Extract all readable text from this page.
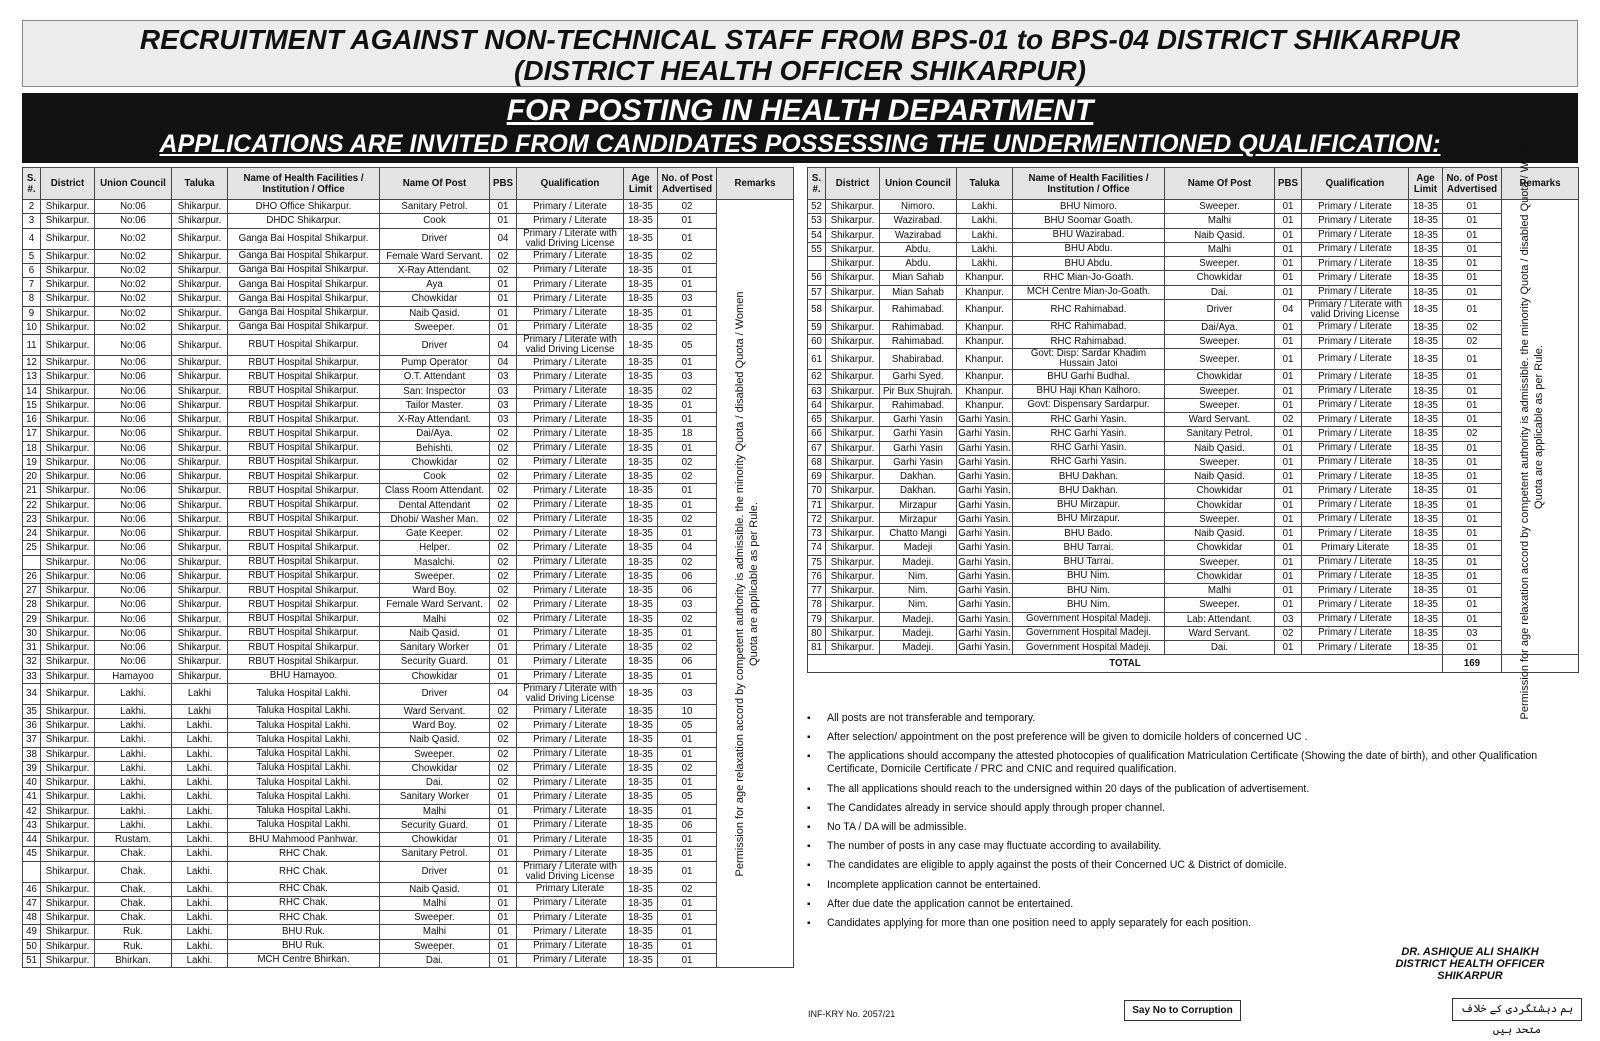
RECRUITMENT AGAINST NON-TECHNICAL STAFF FROM BPS-01 to BPS-04 DISTRICT SHIKARPUR
(DISTRICT HEALTH OFFICER SHIKARPUR)
FOR POSTING IN HEALTH DEPARTMENT
APPLICATIONS ARE INVITED FROM CANDIDATES POSSESSING THE UNDERMENTIONED QUALIFICATION:
S. #.	District	Union Council	Taluka	Name of Health Facilities / Institution / Office	Name Of Post	PBS	Qualification	Age Limit	No. of Post Advertised	Remarks
2	Shikarpur.	No:06	Shikarpur.	DHO Office Shikarpur.	Sanitary Petrol.	01	Primary / Literate	18-35	02	Permission for age relaxation accord by competent authority is admissible. the minority Quota / disabled Quota / Women Quota are applicable as per Rule.

3	Shikarpur.	No:06	Shikarpur.	DHDC Shikarpur.	Cook	01	Primary / Literate	18-35	01	
4	Shikarpur.	No:02	Shikarpur.	Ganga Bai Hospital Shikarpur.	Driver	04	Primary / Literate with valid Driving License	18-35	01	
5	Shikarpur.	No:02	Shikarpur.	Ganga Bai Hospital Shikarpur.	Female Ward Servant.	02	Primary / Literate	18-35	02	
6	Shikarpur.	No:02	Shikarpur.	Ganga Bai Hospital Shikarpur.	X-Ray Attendant.	02	Primary / Literate	18-35	01	
7	Shikarpur.	No:02	Shikarpur.	Ganga Bai Hospital Shikarpur.	Aya	01	Primary / Literate	18-35	01	
8	Shikarpur.	No:02	Shikarpur.	Ganga Bai Hospital Shikarpur.	Chowkidar	01	Primary / Literate	18-35	03	
9	Shikarpur.	No:02	Shikarpur.	Ganga Bai Hospital Shikarpur.	Naib Qasid.	01	Primary / Literate	18-35	01	
10	Shikarpur.	No:02	Shikarpur.	Ganga Bai Hospital Shikarpur.	Sweeper.	01	Primary / Literate	18-35	02	
11	Shikarpur.	No:06	Shikarpur.	RBUT Hospital Shikarpur.	Driver	04	Primary / Literate with valid Driving License	18-35	05	
12	Shikarpur.	No:06	Shikarpur.	RBUT Hospital Shikarpur.	Pump Operator	04	Primary / Literate	18-35	01	
13	Shikarpur.	No:06	Shikarpur.	RBUT Hospital Shikarpur.	O.T. Attendant	03	Primary / Literate	18-35	03	
14	Shikarpur.	No:06	Shikarpur.	RBUT Hospital Shikarpur.	San: Inspector	03	Primary / Literate	18-35	02	
15	Shikarpur.	No:06	Shikarpur.	RBUT Hospital Shikarpur.	Tailor Master.	03	Primary / Literate	18-35	01	
16	Shikarpur.	No:06	Shikarpur.	RBUT Hospital Shikarpur.	X-Ray Attendant.	03	Primary / Literate	18-35	01	
17	Shikarpur.	No:06	Shikarpur.	RBUT Hospital Shikarpur.	Dai/Aya.	02	Primary / Literate	18-35	18	
18	Shikarpur.	No:06	Shikarpur.	RBUT Hospital Shikarpur.	Behishti.	02	Primary / Literate	18-35	01	
19	Shikarpur.	No:06	Shikarpur.	RBUT Hospital Shikarpur.	Chowkidar	02	Primary / Literate	18-35	02	
20	Shikarpur.	No:06	Shikarpur.	RBUT Hospital Shikarpur.	Cook	02	Primary / Literate	18-35	02	
21	Shikarpur.	No:06	Shikarpur.	RBUT Hospital Shikarpur.	Class Room Attendant.	02	Primary / Literate	18-35	01	
22	Shikarpur.	No:06	Shikarpur.	RBUT Hospital Shikarpur.	Dental Attendant	02	Primary / Literate	18-35	01	
23	Shikarpur.	No:06	Shikarpur.	RBUT Hospital Shikarpur.	Dhobi/ Washer Man.	02	Primary / Literate	18-35	02	
24	Shikarpur.	No:06	Shikarpur.	RBUT Hospital Shikarpur.	Gate Keeper.	02	Primary / Literate	18-35	01	
25	Shikarpur.	No:06	Shikarpur.	RBUT Hospital Shikarpur.	Helper.	02	Primary / Literate	18-35	04	
	Shikarpur.	No:06	Shikarpur.	RBUT Hospital Shikarpur.	Masalchi.	02	Primary / Literate	18-35	02	
26	Shikarpur.	No:06	Shikarpur.	RBUT Hospital Shikarpur.	Sweeper.	02	Primary / Literate	18-35	06	
27	Shikarpur.	No:06	Shikarpur.	RBUT Hospital Shikarpur.	Ward Boy.	02	Primary / Literate	18-35	06	
28	Shikarpur.	No:06	Shikarpur.	RBUT Hospital Shikarpur.	Female Ward Servant.	02	Primary / Literate	18-35	03	
29	Shikarpur.	No:06	Shikarpur.	RBUT Hospital Shikarpur.	Malhi	02	Primary / Literate	18-35	02	
30	Shikarpur.	No:06	Shikarpur.	RBUT Hospital Shikarpur.	Naib Qasid.	01	Primary / Literate	18-35	01	
31	Shikarpur.	No:06	Shikarpur.	RBUT Hospital Shikarpur.	Sanitary Worker	01	Primary / Literate	18-35	02	
32	Shikarpur.	No:06	Shikarpur.	RBUT Hospital Shikarpur.	Security Guard.	01	Primary / Literate	18-35	06	
33	Shikarpur.	Hamayoo	Shikarpur.	BHU Hamayoo.	Chowkidar	01	Primary / Literate	18-35	01	
34	Shikarpur.	Lakhi.	Lakhi	Taluka Hospital Lakhi.	Driver	04	Primary / Literate with valid Driving License	18-35	03	
35	Shikarpur.	Lakhi.	Lakhi	Taluka Hospital Lakhi.	Ward Servant.	02	Primary / Literate	18-35	10	
36	Shikarpur.	Lakhi.	Lakhi.	Taluka Hospital Lakhi.	Ward Boy.	02	Primary / Literate	18-35	05	
37	Shikarpur.	Lakhi.	Lakhi.	Taluka Hospital Lakhi.	Naib Qasid.	02	Primary / Literate	18-35	01	
38	Shikarpur.	Lakhi.	Lakhi.	Taluka Hospital Lakhi.	Sweeper.	02	Primary / Literate	18-35	01	
39	Shikarpur.	Lakhi.	Lakhi.	Taluka Hospital Lakhi.	Chowkidar	02	Primary / Literate	18-35	02	
40	Shikarpur.	Lakhi.	Lakhi.	Taluka Hospital Lakhi.	Dai.	02	Primary / Literate	18-35	01	
41	Shikarpur.	Lakhi.	Lakhi.	Taluka Hospital Lakhi.	Sanitary Worker	01	Primary / Literate	18-35	05	
42	Shikarpur.	Lakhi.	Lakhi.	Taluka Hospital Lakhi.	Malhi	01	Primary / Literate	18-35	01	
43	Shikarpur.	Lakhi.	Lakhi.	Taluka Hospital Lakhi.	Security Guard.	01	Primary / Literate	18-35	06	
44	Shikarpur.	Rustam.	Lakhi.	BHU Mahmood Panhwar.	Chowkidar	01	Primary / Literate	18-35	01	
45	Shikarpur.	Chak.	Lakhi.	RHC Chak.	Sanitary Petrol.	01	Primary / Literate	18-35	01	
	Shikarpur.	Chak.	Lakhi.	RHC Chak.	Driver	01	Primary / Literate with valid Driving License	18-35	01	
46	Shikarpur.	Chak.	Lakhi.	RHC Chak.	Naib Qasid.	01	Primary Literate	18-35	02	
47	Shikarpur.	Chak.	Lakhi.	RHC Chak.	Malhi	01	Primary / Literate	18-35	01	
48	Shikarpur.	Chak.	Lakhi.	RHC Chak.	Sweeper.	01	Primary / Literate	18-35	01	
49	Shikarpur.	Ruk.	Lakhi.	BHU Ruk.	Malhi	01	Primary / Literate	18-35	01	
50	Shikarpur.	Ruk.	Lakhi.	BHU Ruk.	Sweeper.	01	Primary / Literate	18-35	01	
51	Shikarpur.	Bhirkan.	Lakhi.	MCH Centre Bhirkan.	Dai.	01	Primary / Literate	18-35	01	
S. #.	District	Union Council	Taluka	Name of Health Facilities / Institution / Office	Name Of Post	PBS	Qualification	Age Limit	No. of Post Advertised	Remarks
52	Shikarpur.	Nimoro.	Lakhi.	BHU Nimoro.	Sweeper.	01	Primary / Literate	18-35	01	Permission for age relaxation accord by competent authority is admissible. the minority Quota / disabled Quota / Women Quota are applicable as per Rule.

53	Shikarpur.	Wazirabad.	Lakhi.	BHU Soomar Goath.	Malhi	01	Primary / Literate	18-35	01	
54	Shikarpur.	Wazirabad	Lakhi.	BHU Wazirabad.	Naib Qasid.	01	Primary / Literate	18-35	01	
55	Shikarpur.	Abdu.	Lakhi.	BHU Abdu.	Malhi	01	Primary / Literate	18-35	01	
	Shikarpur.	Abdu.	Lakhi.	BHU Abdu.	Sweeper.	01	Primary / Literate	18-35	01	
56	Shikarpur.	Mian Sahab	Khanpur.	RHC Mian-Jo-Goath.	Chowkidar	01	Primary / Literate	18-35	01	
57	Shikarpur.	Mian Sahab	Khanpur.	MCH Centre Mian-Jo-Goath.	Dai.	01	Primary / Literate	18-35	01	
58	Shikarpur.	Rahimabad.	Khanpur.	RHC Rahimabad.	Driver	04	Primary / Literate with valid Driving License	18-35	01	
59	Shikarpur.	Rahimabad.	Khanpur.	RHC Rahimabad.	Dai/Aya.	01	Primary / Literate	18-35	02	
60	Shikarpur.	Rahimabad.	Khanpur.	RHC Rahimabad.	Sweeper.	01	Primary / Literate	18-35	02	
61	Shikarpur.	Shabirabad.	Khanpur.	Govt: Disp: Sardar Khadim Hussain Jatoi	Sweeper.	01	Primary / Literate	18-35	01	
62	Shikarpur.	Garhi Syed.	Khanpur.	BHU Garhi Budhal.	Chowkidar	01	Primary / Literate	18-35	01	
63	Shikarpur.	Pir Bux Shujrah.	Khanpur.	BHU Haji Khan Kalhoro.	Sweeper.	01	Primary / Literate	18-35	01	
64	Shikarpur.	Rahimabad.	Khanpur.	Govt: Dispensary Sardarpur.	Sweeper.	01	Primary / Literate	18-35	01	
65	Shikarpur.	Garhi Yasin	Garhi Yasin.	RHC Garhi Yasin.	Ward Servant.	02	Primary / Literate	18-35	01	
66	Shikarpur.	Garhi Yasin	Garhi Yasin.	RHC Garhi Yasin.	Sanitary Petrol.	01	Primary / Literate	18-35	02	
67	Shikarpur.	Garhi Yasin	Garhi Yasin.	RHC Garhi Yasin.	Naib Qasid.	01	Primary / Literate	18-35	01	
68	Shikarpur.	Garhi Yasin	Garhi Yasin.	RHC Garhi Yasin.	Sweeper.	01	Primary / Literate	18-35	01	
69	Shikarpur.	Dakhan.	Garhi Yasin.	BHU Dakhan.	Naib Qasid.	01	Primary / Literate	18-35	01	
70	Shikarpur.	Dakhan.	Garhi Yasin.	BHU Dakhan.	Chowkidar	01	Primary / Literate	18-35	01	
71	Shikarpur.	Mirzapur	Garhi Yasin.	BHU Mirzapur.	Chowkidar	01	Primary / Literate	18-35	01	
72	Shikarpur.	Mirzapur	Garhi Yasin.	BHU Mirzapur.	Sweeper.	01	Primary / Literate	18-35	01	
73	Shikarpur.	Chatto Mangi	Garhi Yasin.	BHU Bado.	Naib Qasid.	01	Primary / Literate	18-35	01	
74	Shikarpur.	Madeji	Garhi Yasin.	BHU Tarrai.	Chowkidar	01	Primary Literate	18-35	01	
75	Shikarpur.	Madeji.	Garhi Yasin.	BHU Tarrai.	Sweeper.	01	Primary / Literate	18-35	01	
76	Shikarpur.	Nim.	Garhi Yasin.	BHU Nim.	Chowkidar	01	Primary / Literate	18-35	01	
77	Shikarpur.	Nim.	Garhi Yasin.	BHU Nim.	Malhi	01	Primary / Literate	18-35	01	
78	Shikarpur.	Nim.	Garhi Yasin.	BHU Nim.	Sweeper.	01	Primary / Literate	18-35	01	
79	Shikarpur.	Madeji.	Garhi Yasin.	Government Hospital Madeji.	Lab: Attendant.	03	Primary / Literate	18-35	01	
80	Shikarpur.	Madeji.	Garhi Yasin.	Government Hospital Madeji.	Ward Servant.	02	Primary / Literate	18-35	03	
81	Shikarpur.	Madeji.	Garhi Yasin.	Government Hospital Madeji.	Dai.	01	Primary / Literate	18-35	01	
TOTAL									169	
▪ All posts are not transferable and temporary.
▪ After selection/ appointment on the post preference will be given to domicile holders of concerned UC .
▪ The applications should accompany the attested photocopies of qualification Matriculation Certificate (Showing the date of birth), and other Qualification Certificate, Domicile Certificate / PRC and CNIC and required qualification.
▪ The all applications should reach to the undersigned within 20 days of the publication of advertisement.
▪ The Candidates already in service should apply through proper channel.
▪ No TA / DA will be admissible.
▪ The number of posts in any case may fluctuate according to availability.
▪ The candidates are eligible to apply against the posts of their Concerned UC & District of domicile.
▪ Incomplete application cannot be entertained.
▪ After due date the application cannot be entertained.
▪ Candidates applying for more than one position need to apply separately for each position.
DR. ASHIQUE ALI SHAIKH
DISTRICT HEALTH OFFICER
SHIKARPUR
INF-KRY No. 2057/21	Say No to Corruption	ہم دہشتگردی کے خلاف متحد ہیں
